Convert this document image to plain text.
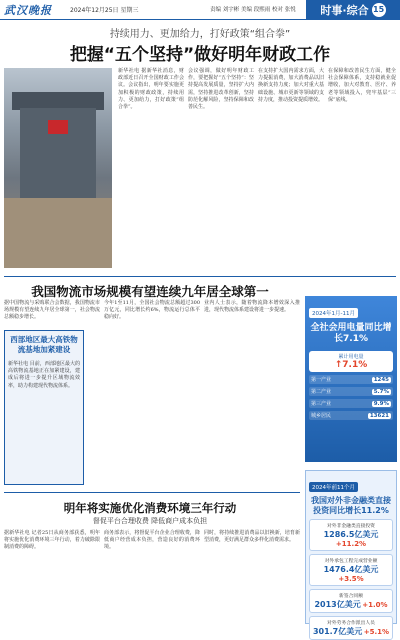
武汉晚报	2024年12月25日 星期三	责编 刘宇彬 美编 段熙雨 校对 张悦 时事·综合 15
持续用力、更加给力，打好政策“组合拳”
把握“五个坚持”做好明年财政工作
新华社电 据新华社消息，财政部近日召开全国财政工作会议。会议指出，明年要实施更加积极的财政政策，持续用力、更加给力，打好政策“组合拳”。
会议强调，做好明年财政工作，要把握好“五个坚持”：坚持提高发展质量，坚持扩大内需，坚持推进改革创新，坚持防范化解风险，坚持保障和改善民生。
在支持扩大国内需求方面，大力提振消费，加大消费品以旧换新支持力度；加大对重大基础设施、城市更新等领域的支持力度，推动投资提质增效。
在保障和改善民生方面，健全社会保障体系，支持稳就业促增收，加大对教育、医疗、养老等领域投入，兜牢基层“三保”底线。
我国物流市场规模有望连续九年居全球第一
据中国物流与采购联合会数据，我国物流市场规模有望连续九年居全球第一，社会物流总额稳步增长。
西部地区最大高铁物流基地加紧建设
新华社电 目前，西部地区最大的高铁物流基地正在加紧建设，建成后将进一步提升区域物流效率，助力构建现代物流体系。
今年1至11月，全国社会物流总额超过300万亿元，同比增长约6%，物流运行总体平稳向好。
业内人士表示，随着物流降本增效深入推进，现代物流体系建设将进一步提速。
2024年1月-11月
全社会用电量同比增长7.1%
累计用电量
↑7.1%
第一产业	1245
第二产业	5.7%
第三产业	9.9%
城乡居民	13621
明年将实施优化消费环境三年行动
督促平台合理收费 降低商户成本负担
据新华社电 记者25日从商务部获悉，明年将实施优化消费环境三年行动，着力破除限制消费的障碍。
商务部表示，将督促平台企业合理收费，降低商户经营成本负担，营造良好的消费环境。
同时，将持续推进消费品以旧换新，培育新型消费，更好满足群众多样化消费需求。
2024年前11个月
我国对外非金融类直接投资同比增长11.2%
对外非金融类直接投资
1286.5亿美元 +11.2%
对外承包工程完成营业额
1476.4亿美元 +3.5%
新签合同额
2013亿美元 +1.0%
对外劳务合作派出人员
301.7亿美元 +5.1%
